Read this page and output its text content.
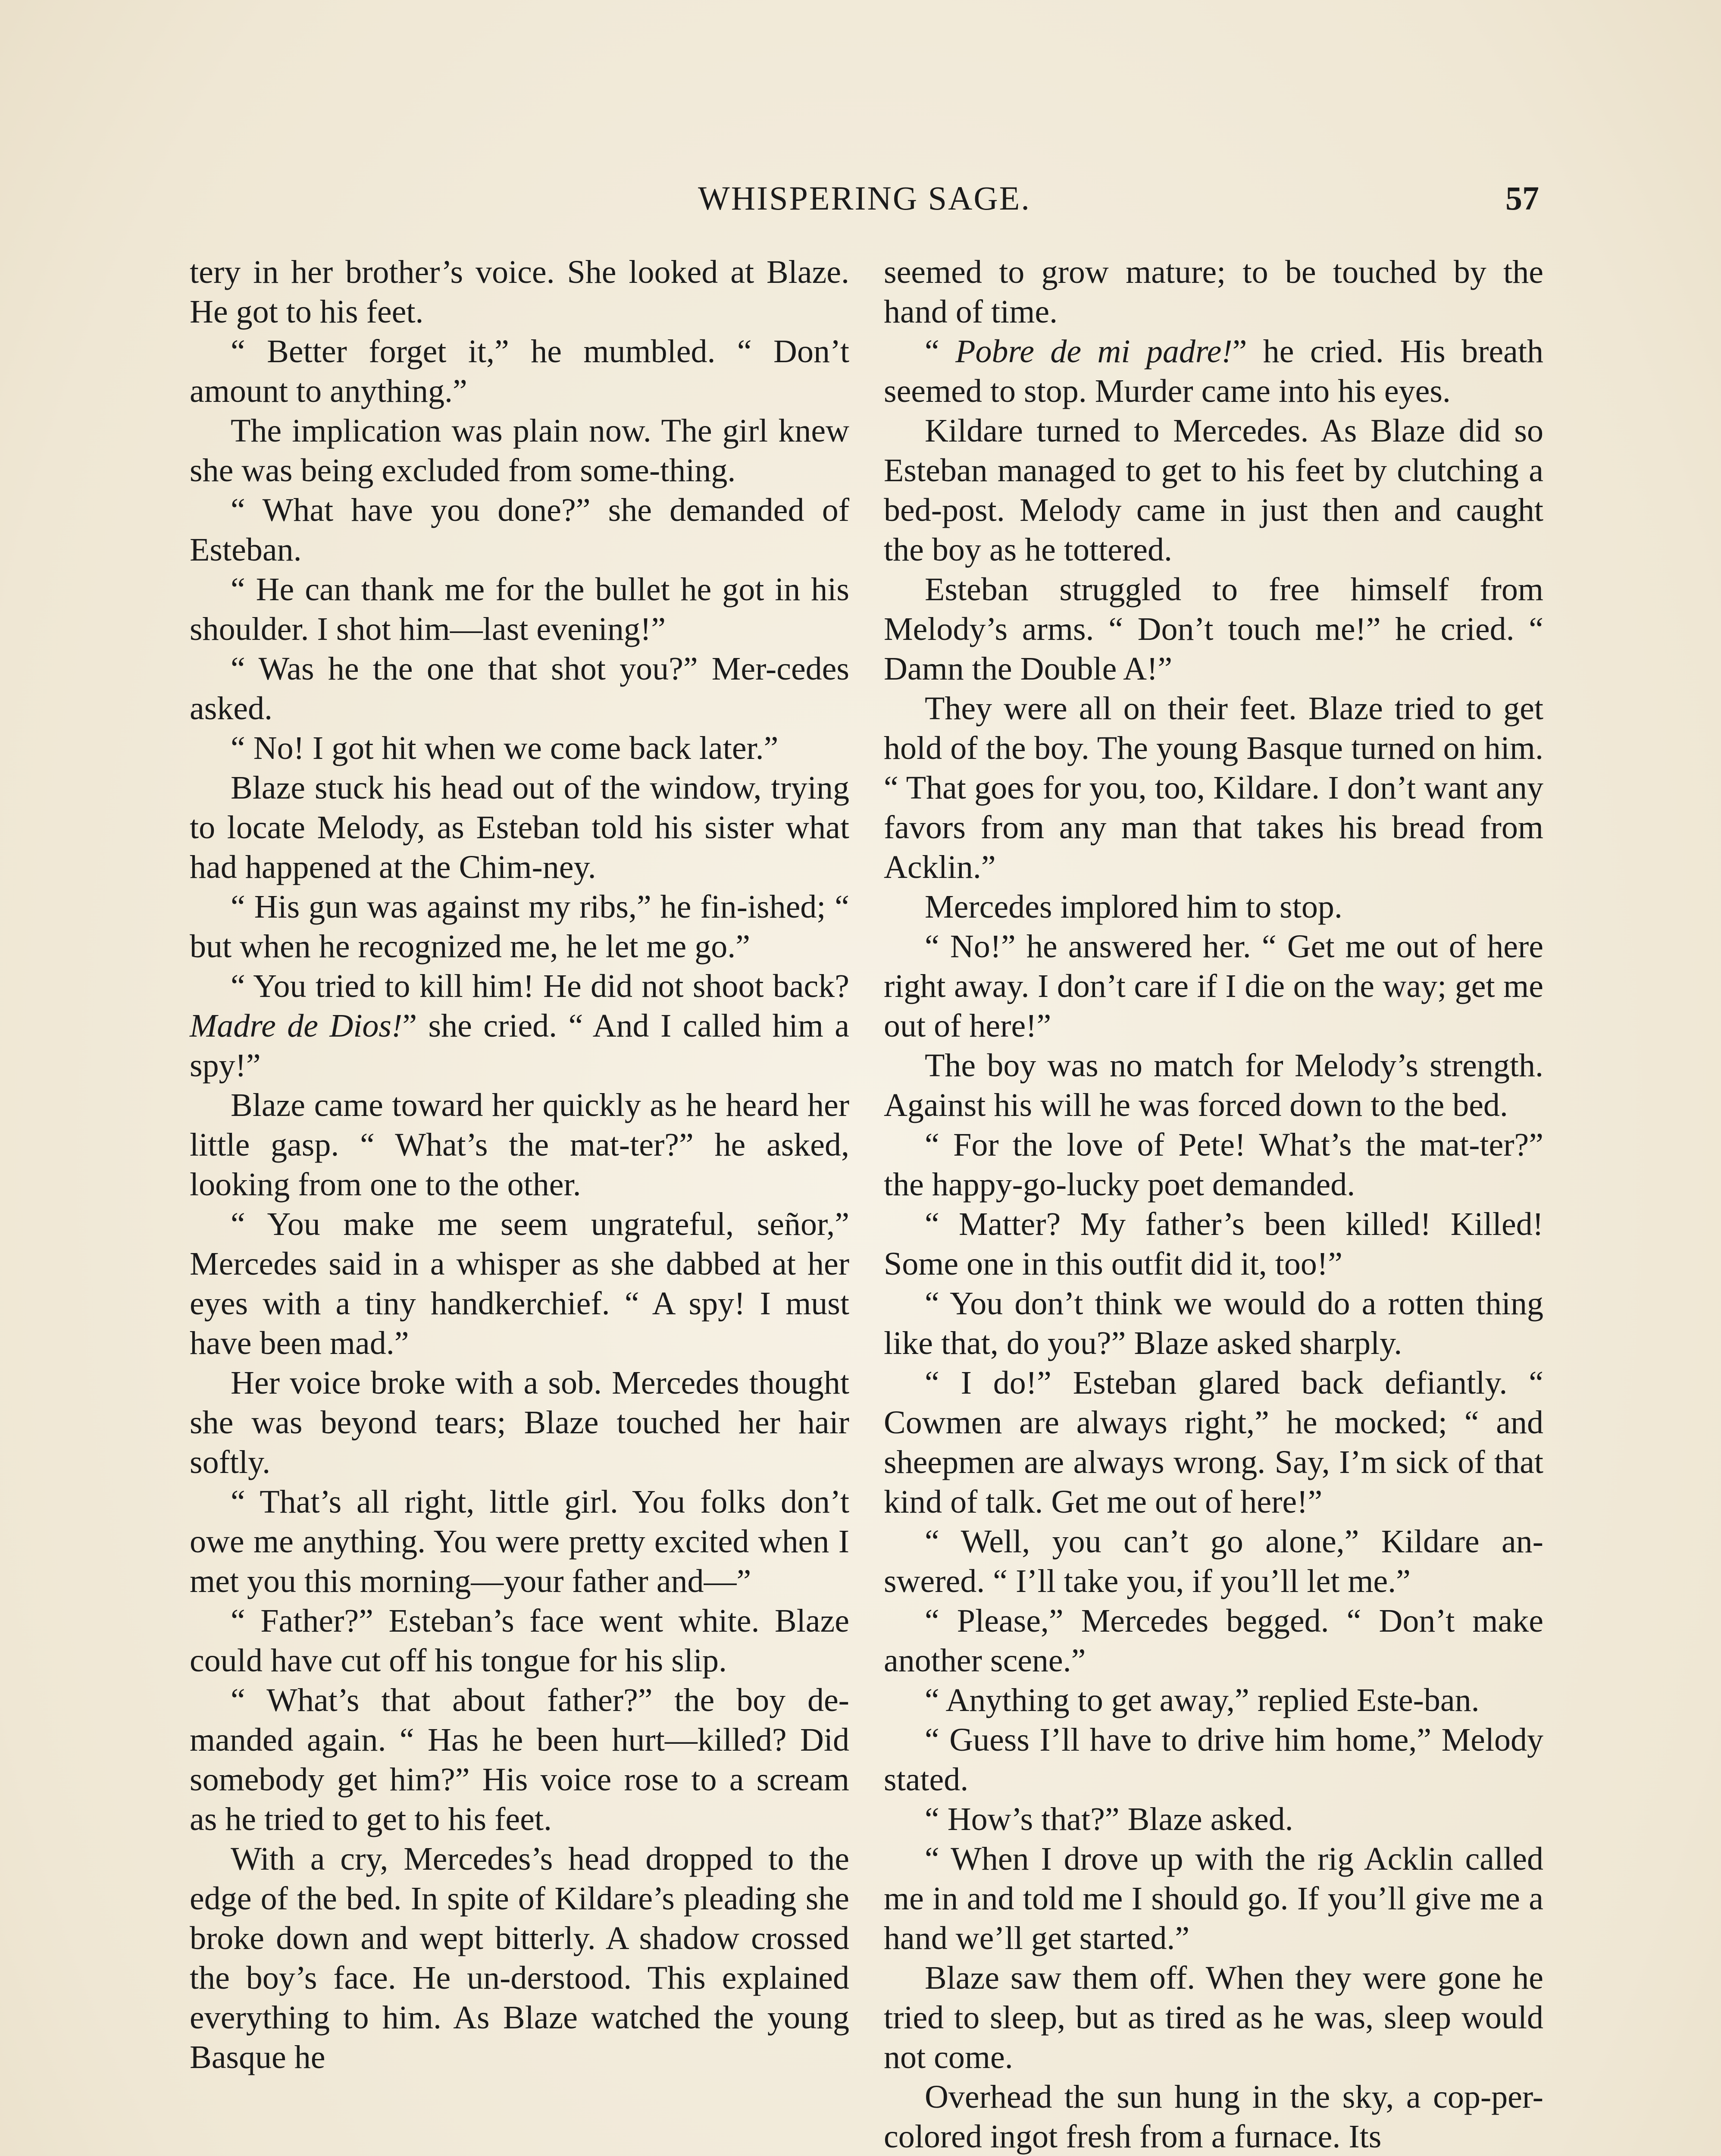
WHISPERING SAGE.	57

tery in her brother’s voice. She looked at Blaze. He got to his feet.

“ Better forget it,” he mumbled. “ Don’t amount to anything.”

The implication was plain now. The girl knew she was being excluded from some-thing.

“ What have you done?” she demanded of Esteban.

“ He can thank me for the bullet he got in his shoulder. I shot him—last evening!”

“ Was he the one that shot you?” Mer-cedes asked.

“ No! I got hit when we come back later.”

Blaze stuck his head out of the window, trying to locate Melody, as Esteban told his sister what had happened at the Chim-ney.

“ His gun was against my ribs,” he fin-ished; “ but when he recognized me, he let me go.”

“ You tried to kill him! He did not shoot back? Madre de Dios!” she cried. “ And I called him a spy!”

Blaze came toward her quickly as he heard her little gasp. “ What’s the mat-ter?” he asked, looking from one to the other.

“ You make me seem ungrateful, señor,” Mercedes said in a whisper as she dabbed at her eyes with a tiny handkerchief. “ A spy! I must have been mad.”

Her voice broke with a sob. Mercedes thought she was beyond tears; Blaze touched her hair softly.

“ That’s all right, little girl. You folks don’t owe me anything. You were pretty excited when I met you this morning—your father and—”

“ Father?” Esteban’s face went white. Blaze could have cut off his tongue for his slip.

“ What’s that about father?” the boy de-manded again. “ Has he been hurt—killed? Did somebody get him?” His voice rose to a scream as he tried to get to his feet.

With a cry, Mercedes’s head dropped to the edge of the bed. In spite of Kildare’s pleading she broke down and wept bitterly. A shadow crossed the boy’s face. He un-derstood. This explained everything to him. As Blaze watched the young Basque he

seemed to grow mature; to be touched by the hand of time.

“ Pobre de mi padre!” he cried. His breath seemed to stop. Murder came into his eyes.

Kildare turned to Mercedes. As Blaze did so Esteban managed to get to his feet by clutching a bed-post. Melody came in just then and caught the boy as he tottered.

Esteban struggled to free himself from Melody’s arms. “ Don’t touch me!” he cried. “ Damn the Double A!”

They were all on their feet. Blaze tried to get hold of the boy. The young Basque turned on him. “ That goes for you, too, Kildare. I don’t want any favors from any man that takes his bread from Acklin.”

Mercedes implored him to stop.

“ No!” he answered her. “ Get me out of here right away. I don’t care if I die on the way; get me out of here!”

The boy was no match for Melody’s strength. Against his will he was forced down to the bed.

“ For the love of Pete! What’s the mat-ter?” the happy-go-lucky poet demanded.

“ Matter? My father’s been killed! Killed! Some one in this outfit did it, too!”

“ You don’t think we would do a rotten thing like that, do you?” Blaze asked sharply.

“ I do!” Esteban glared back defiantly. “ Cowmen are always right,” he mocked; “ and sheepmen are always wrong. Say, I’m sick of that kind of talk. Get me out of here!”

“ Well, you can’t go alone,” Kildare an-swered. “ I’ll take you, if you’ll let me.”

“ Please,” Mercedes begged. “ Don’t make another scene.”

“ Anything to get away,” replied Este-ban.

“ Guess I’ll have to drive him home,” Melody stated.

“ How’s that?” Blaze asked.

“ When I drove up with the rig Acklin called me in and told me I should go. If you’ll give me a hand we’ll get started.”

Blaze saw them off. When they were gone he tried to sleep, but as tired as he was, sleep would not come.

Overhead the sun hung in the sky, a cop-per-colored ingot fresh from a furnace. Its
